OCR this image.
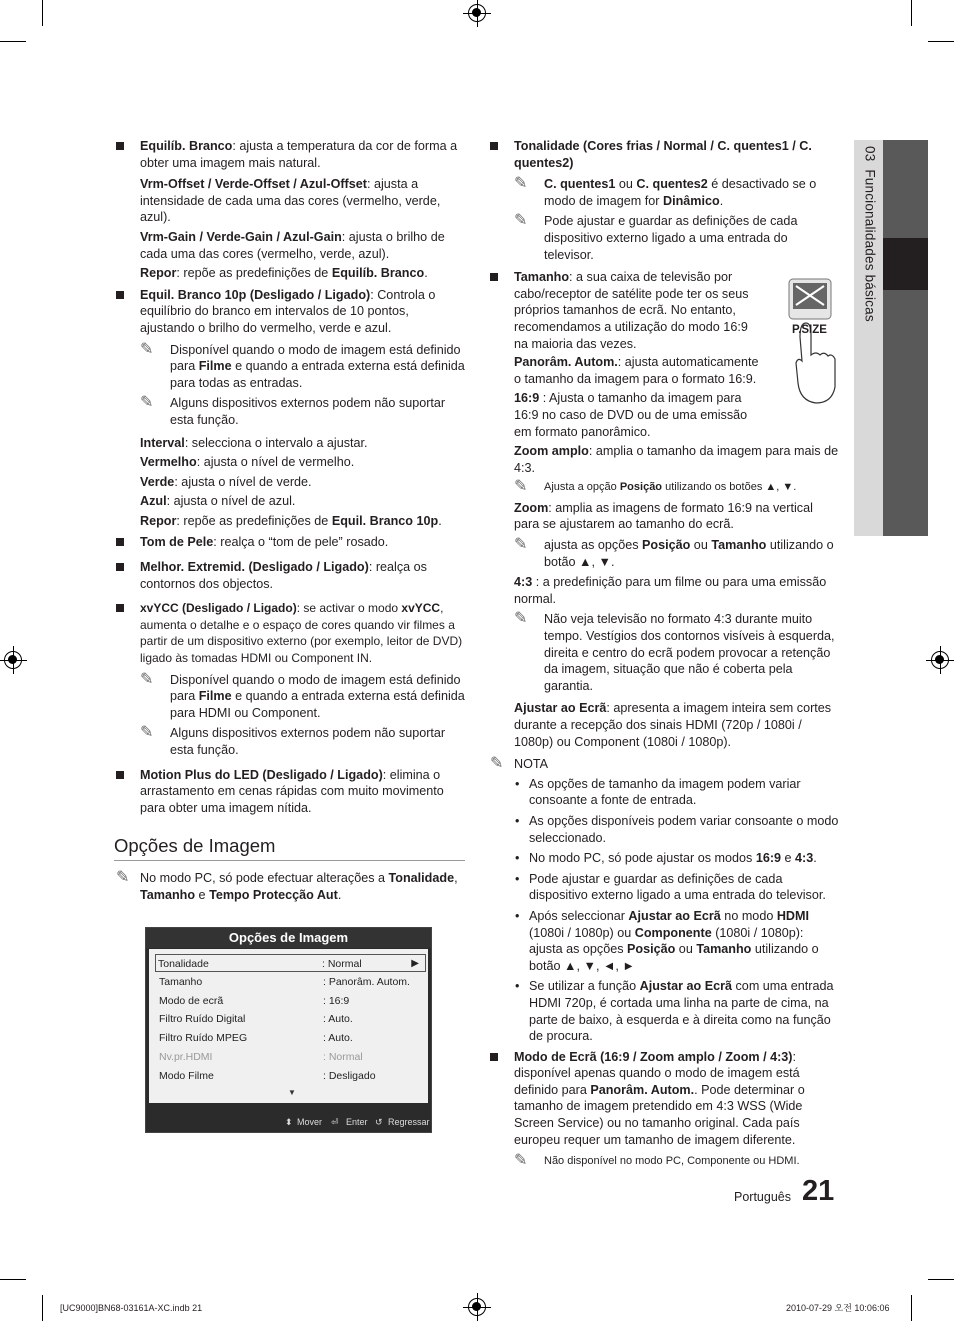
Equilíb. Branco: ajusta a temperatura da cor de forma a obter uma imagem mais natural.
Vrm-Offset / Verde-Offset / Azul-Offset: ajusta a intensidade de cada uma das cores (vermelho, verde, azul).
Vrm-Gain / Verde-Gain / Azul-Gain: ajusta o brilho de cada uma das cores (vermelho, verde, azul).
Repor: repõe as predefinições de Equilíb. Branco.
Equil. Branco 10p (Desligado / Ligado): Controla o equilíbrio do branco em intervalos de 10 pontos, ajustando o brilho do vermelho, verde e azul.
✎ Disponível quando o modo de imagem está definido para Filme e quando a entrada externa está definida para todas as entradas.
✎ Alguns dispositivos externos podem não suportar esta função.
Interval: selecciona o intervalo a ajustar.
Vermelho: ajusta o nível de vermelho.
Verde: ajusta o nível de verde.
Azul: ajusta o nível de azul.
Repor: repõe as predefinições de Equil. Branco 10p.
Tom de Pele: realça o “tom de pele” rosado.
Melhor. Extremid. (Desligado / Ligado): realça os contornos dos objectos.
xvYCC (Desligado / Ligado): se activar o modo xvYCC, aumenta o detalhe e o espaço de cores quando vir filmes a partir de um dispositivo externo (por exemplo, leitor de DVD) ligado às tomadas HDMI ou Component IN.
✎ Disponível quando o modo de imagem está definido para Filme e quando a entrada externa está definida para HDMI ou Component.
✎ Alguns dispositivos externos podem não suportar esta função.
Motion Plus do LED (Desligado / Ligado): elimina o arrastamento em cenas rápidas com muito movimento para obter uma imagem nítida.
Opções de Imagem
✎ No modo PC, só pode efectuar alterações a Tonalidade, Tamanho e Tempo Protecção Aut.
Opções de Imagem
Tonalidade	: Normal	▶
Tamanho	: Panorâm. Autom.
Modo de ecrã	: 16:9
Filtro Ruído Digital	: Auto.
Filtro Ruído MPEG	: Auto.
Nv.pr.HDMI	: Normal
Modo Filme	: Desligado
▼
⬍ Mover ⏎ Enter ↺ Regressar
Tonalidade (Cores frias / Normal / C. quentes1 / C. quentes2)
✎ C. quentes1 ou C. quentes2 é desactivado se o modo de imagem for Dinâmico.
✎ Pode ajustar e guardar as definições de cada dispositivo externo ligado a uma entrada do televisor.
Tamanho: a sua caixa de televisão por cabo/receptor de satélite pode ter os seus próprios tamanhos de ecrã. No entanto, recomendamos a utilização do modo 16:9 na maioria das vezes.
Panorâm. Autom.: ajusta automaticamente o tamanho da imagem para o formato 16:9.
16:9 : Ajusta o tamanho da imagem para 16:9 no caso de DVD ou de uma emissão em formato panorâmico.
Zoom amplo: amplia o tamanho da imagem para mais de 4:3.
✎ Ajusta a opção Posição utilizando os botões ▲, ▼.
Zoom: amplia as imagens de formato 16:9 na vertical para se ajustarem ao tamanho do ecrã.
✎ ajusta as opções Posição ou Tamanho utilizando o botão ▲, ▼.
4:3 : a predefinição para um filme ou para uma emissão normal.
✎ Não veja televisão no formato 4:3 durante muito tempo. Vestígios dos contornos visíveis à esquerda, direita e centro do ecrã podem provocar a retenção da imagem, situação que não é coberta pela garantia.
Ajustar ao Ecrã: apresenta a imagem inteira sem cortes durante a recepção dos sinais HDMI (720p / 1080i / 1080p) ou Component (1080i / 1080p).
✎ NOTA
• As opções de tamanho da imagem podem variar consoante a fonte de entrada.
• As opções disponíveis podem variar consoante o modo seleccionado.
• No modo PC, só pode ajustar os modos 16:9 e 4:3.
• Pode ajustar e guardar as definições de cada dispositivo externo ligado a uma entrada do televisor.
• Após seleccionar Ajustar ao Ecrã no modo HDMI (1080i / 1080p) ou Componente (1080i / 1080p): ajusta as opções Posição ou Tamanho utilizando o botão ▲, ▼, ◄, ►
• Se utilizar a função Ajustar ao Ecrã com uma entrada HDMI 720p, é cortada uma linha na parte de cima, na parte de baixo, à esquerda e à direita como na função de procura.
Modo de Ecrã (16:9 / Zoom amplo / Zoom / 4:3): disponível apenas quando o modo de imagem está definido para Panorâm. Autom.. Pode determinar o tamanho de imagem pretendido em 4:3 WSS (Wide Screen Service) ou no tamanho original. Cada país europeu requer um tamanho de imagem diferente.
✎ Não disponível no modo PC, Componente ou HDMI.
P.SIZE
03  Funcionalidades básicas
Português 21
[UC9000]BN68-03161A-XC.indb 21	2010-07-29 오전 10:06:06
